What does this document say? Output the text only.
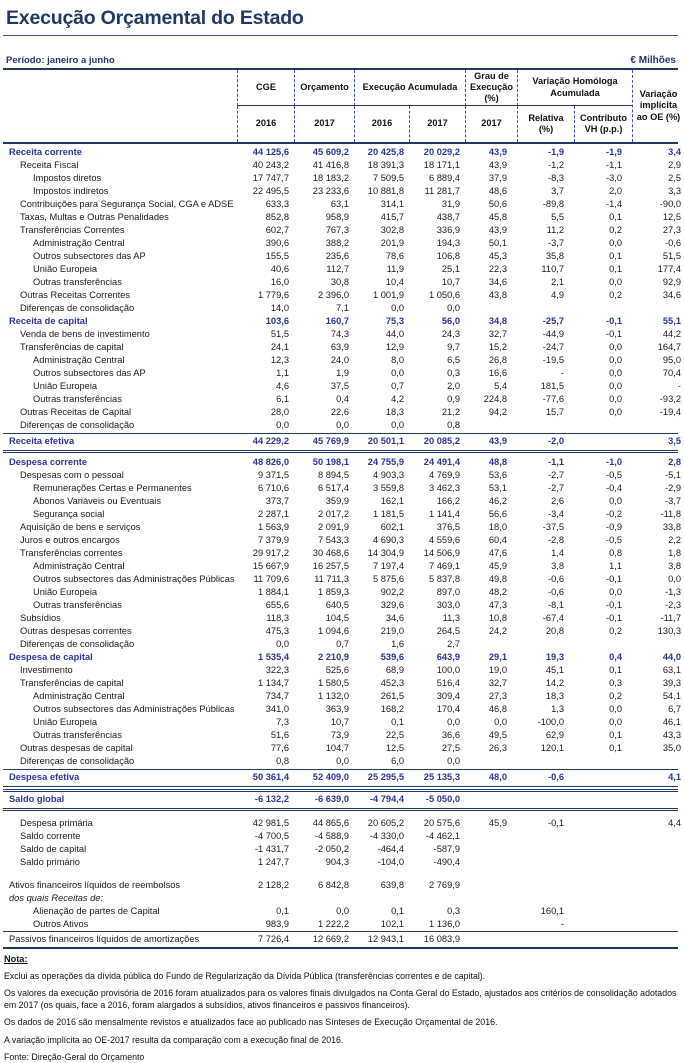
Execução Orçamental do Estado
Período: janeiro a junho	€ Milhões
CGE	Orçamento	Execução Acumulada
Grau de Execução (%)
Variação Homóloga Acumulada	Variação implícita ao OE (%)
2016	2017	2016	2017	2017
Relativa (%)
Contributo VH (p.p.)
Receita corrente	44 125,6	45 609,2	20 425,8	20 029,2	43,9	-1,9	-1,9	3,4
Receita Fiscal	40 243,2	41 416,8	18 391,3	18 171,1	43,9	-1,2	-1,1	2,9
Impostos diretos	17 747,7	18 183,2	7 509,5	6 889,4	37,9	-8,3	-3,0	2,5
Impostos indiretos	22 495,5	23 233,6	10 881,8	11 281,7	48,6	3,7	2,0	3,3
Contribuições para Segurança Social, CGA e ADSE	633,3	63,1	314,1	31,9	50,6	-89,8	-1,4	-90,0
Taxas, Multas e Outras Penalidades	852,8	958,9	415,7	438,7	45,8	5,5	0,1	12,5
Transferências Correntes	602,7	767,3	302,8	336,9	43,9	11,2	0,2	27,3
Administração Central	390,6	388,2	201,9	194,3	50,1	-3,7	0,0	-0,6
Outros subsectores das AP	155,5	235,6	78,6	106,8	45,3	35,8	0,1	51,5
União Europeia	40,6	112,7	11,9	25,1	22,3	110,7	0,1	177,4
Outras transferências	16,0	30,8	10,4	10,7	34,6	2,1	0,0	92,9
Outras Receitas Correntes	1 779,6	2 396,0	1 001,9	1 050,6	43,8	4,9	0,2	34,6
Diferenças de consolidação	14,0	7,1	0,0	0,0
Receita de capital	103,6	160,7	75,3	56,0	34,8	-25,7	-0,1	55,1
Venda de bens de investimento	51,5	74,3	44,0	24,3	32,7	-44,9	-0,1	44,2
Transferências de capital	24,1	63,9	12,9	9,7	15,2	-24,7	0,0	164,7
Administração Central	12,3	24,0	8,0	6,5	26,8	-19,5	0,0	95,0
Outros subsectores das AP	1,1	1,9	0,0	0,3	16,6	-	0,0	70,4
União Europeia	4,6	37,5	0,7	2,0	5,4	181,5	0,0	-
Outras transferências	6,1	0,4	4,2	0,9	224,8	-77,6	0,0	-93,2
Outras Receitas de Capital	28,0	22,6	18,3	21,2	94,2	15,7	0,0	-19,4
Diferenças de consolidação	0,0	0,0	0,0	0,8
Receita efetiva	44 229,2	45 769,9	20 501,1	20 085,2	43,9	-2,0	3,5
Despesa corrente	48 826,0	50 198,1	24 755,9	24 491,4	48,8	-1,1	-1,0	2,8
Despesas com o pessoal	9 371,5	8 894,5	4 903,3	4 769,9	53,6	-2,7	-0,5	-5,1
Remunerações Certas e Permanentes	6 710,6	6 517,4	3 559,8	3 462,3	53,1	-2,7	-0,4	-2,9
Abonos Variáveis ou Eventuais	373,7	359,9	162,1	166,2	46,2	2,6	0,0	-3,7
Segurança social	2 287,1	2 017,2	1 181,5	1 141,4	56,6	-3,4	-0,2	-11,8
Aquisição de bens e serviços	1 563,9	2 091,9	602,1	376,5	18,0	-37,5	-0,9	33,8
Juros e outros encargos	7 379,9	7 543,3	4 690,3	4 559,6	60,4	-2,8	-0,5	2,2
Transferências correntes	29 917,2	30 468,6	14 304,9	14 506,9	47,6	1,4	0,8	1,8
Administração Central	15 667,9	16 257,5	7 197,4	7 469,1	45,9	3,8	1,1	3,8
Outros subsectores das Administrações Públicas	11 709,6	11 711,3	5 875,6	5 837,8	49,8	-0,6	-0,1	0,0
União Europeia	1 884,1	1 859,3	902,2	897,0	48,2	-0,6	0,0	-1,3
Outras transferências	655,6	640,5	329,6	303,0	47,3	-8,1	-0,1	-2,3
Subsídios	118,3	104,5	34,6	11,3	10,8	-67,4	-0,1	-11,7
Outras despesas correntes	475,3	1 094,6	219,0	264,5	24,2	20,8	0,2	130,3
Diferenças de consolidação	0,0	0,7	1,6	2,7
Despesa de capital	1 535,4	2 210,9	539,6	643,9	29,1	19,3	0,4	44,0
Investimento	322,3	525,6	68,9	100,0	19,0	45,1	0,1	63,1
Transferências de capital	1 134,7	1 580,5	452,3	516,4	32,7	14,2	0,3	39,3
Administração Central	734,7	1 132,0	261,5	309,4	27,3	18,3	0,2	54,1
Outros subsectores das Administrações Públicas	341,0	363,9	168,2	170,4	46,8	1,3	0,0	6,7
União Europeia	7,3	10,7	0,1	0,0	0,0	-100,0	0,0	46,1
Outras transferências	51,6	73,9	22,5	36,6	49,5	62,9	0,1	43,3
Outras despesas de capital	77,6	104,7	12,5	27,5	26,3	120,1	0,1	35,0
Diferenças de consolidação	0,8	0,0	6,0	0,0
Despesa efetiva	50 361,4	52 409,0	25 295,5	25 135,3	48,0	-0,6	4,1
Saldo global	-6 132,2	-6 639,0	-4 794,4	-5 050,0
Despesa primária	42 981,5	44 865,6	20 605,2	20 575,6	45,9	-0,1	4,4
Saldo corrente	-4 700,5	-4 588,9	-4 330,0	-4 462,1
Saldo de capital	-1 431,7	-2 050,2	-464,4	-587,9
Saldo primário	1 247,7	904,3	-104,0	-490,4
Ativos financeiros líquidos de reembolsos	2 128,2	6 842,8	639,8	2 769,9
dos quais Receitas de:
Alienação de partes de Capital	0,1	0,0	0,1	0,3	160,1
Outros Ativos	983,9	1 222,2	102,1	1 136,0	-
Passivos financeiros líquidos de amortizações	7 726,4	12 669,2	12 943,1	16 083,9
Nota:

Exclui as operações da dívida pública do Fundo de Regularização da Dívida Pública (transferências correntes e de capital).

Os valores da execução provisória de 2016 foram atualizados para os valores finais divulgados na Conta Geral do Estado, ajustados aos critérios de consolidação adotados em 2017 (os quais, face a 2016, foram alargados a subsídios, ativos financeiros e passivos financeiros).

Os dados de 2016 são mensalmente revistos e atualizados face ao publicado nas Sínteses de Execução Orçamental de 2016.

A variação implícita ao OE-2017 resulta da comparação com a execução final de 2016.

Fonte: Direção-Geral do Orçamento
